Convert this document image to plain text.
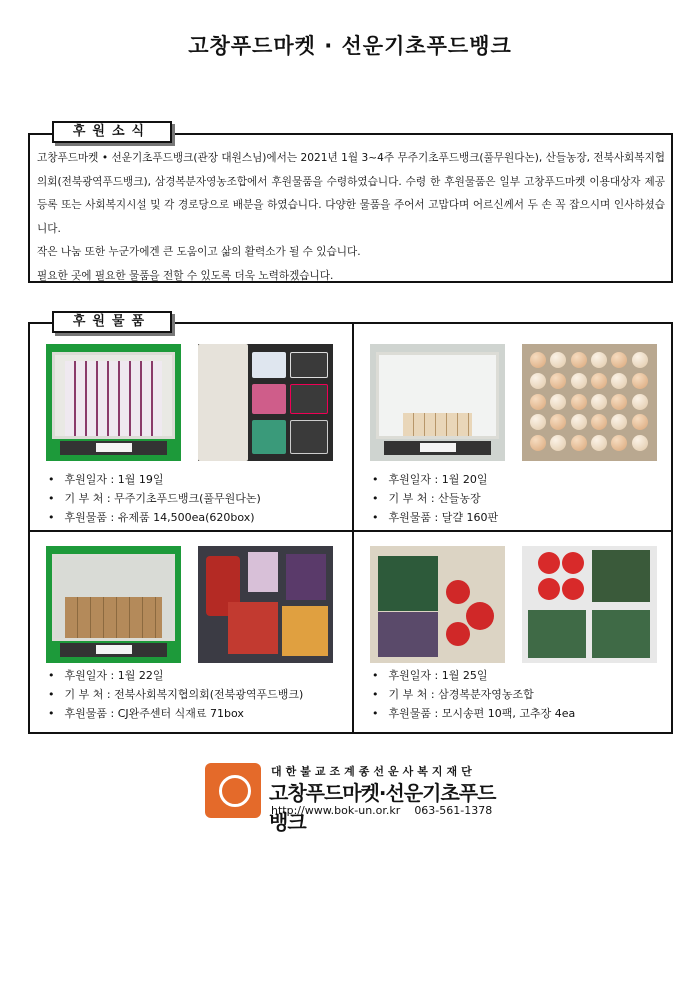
고창푸드마켓 · 선운기초푸드뱅크

고창푸드마켓 • 선운기초푸드뱅크(관장 대원스님)에서는 2021년 1월 3~4주 무주기초푸드뱅크(풀무원다논), 산들농장, 전북사회복지협의회(전북광역푸드뱅크), 삼경복분자영농조합에서 후원물품을 수령하였습니다. 수령 한 후원물품은 일부 고창푸드마켓 이용대상자 제공등록 또는 사회복지시설 및 각 경로당으로 배분을 하였습니다. 다양한 물품을 주어서 고맙다며 어르신께서 두 손 꼭 잡으시며 인사하셨습니다.

작은 나눔 또한 누군가에겐 큰 도움이고 삶의 활력소가 될 수 있습니다.

필요한 곳에 필요한 물품을 전할 수 있도록 더욱 노력하겠습니다.

후원소식
• 후원일자 : 1월 19일
• 기 부 처 : 무주기초푸드뱅크(풀무원다논)
• 후원물품 : 유제품 14,500ea(620box)
• 후원일자 : 1월 20일
• 기 부 처 : 산들농장
• 후원물품 : 달걀 160판
• 후원일자 : 1월 22일
• 기 부 처 : 전북사회복지협의회(전북광역푸드뱅크)
• 후원물품 : CJ완주센터 식재료 71box
• 후원일자 : 1월 25일
• 기 부 처 : 삼경복분자영농조합
• 후원물품 : 모시송편 10팩, 고추장 4ea
후원물품
대한불교조계종선운사복지재단
고창푸드마켓·선운기초푸드뱅크
http://www.bok-un.or.kr 063-561-1378
